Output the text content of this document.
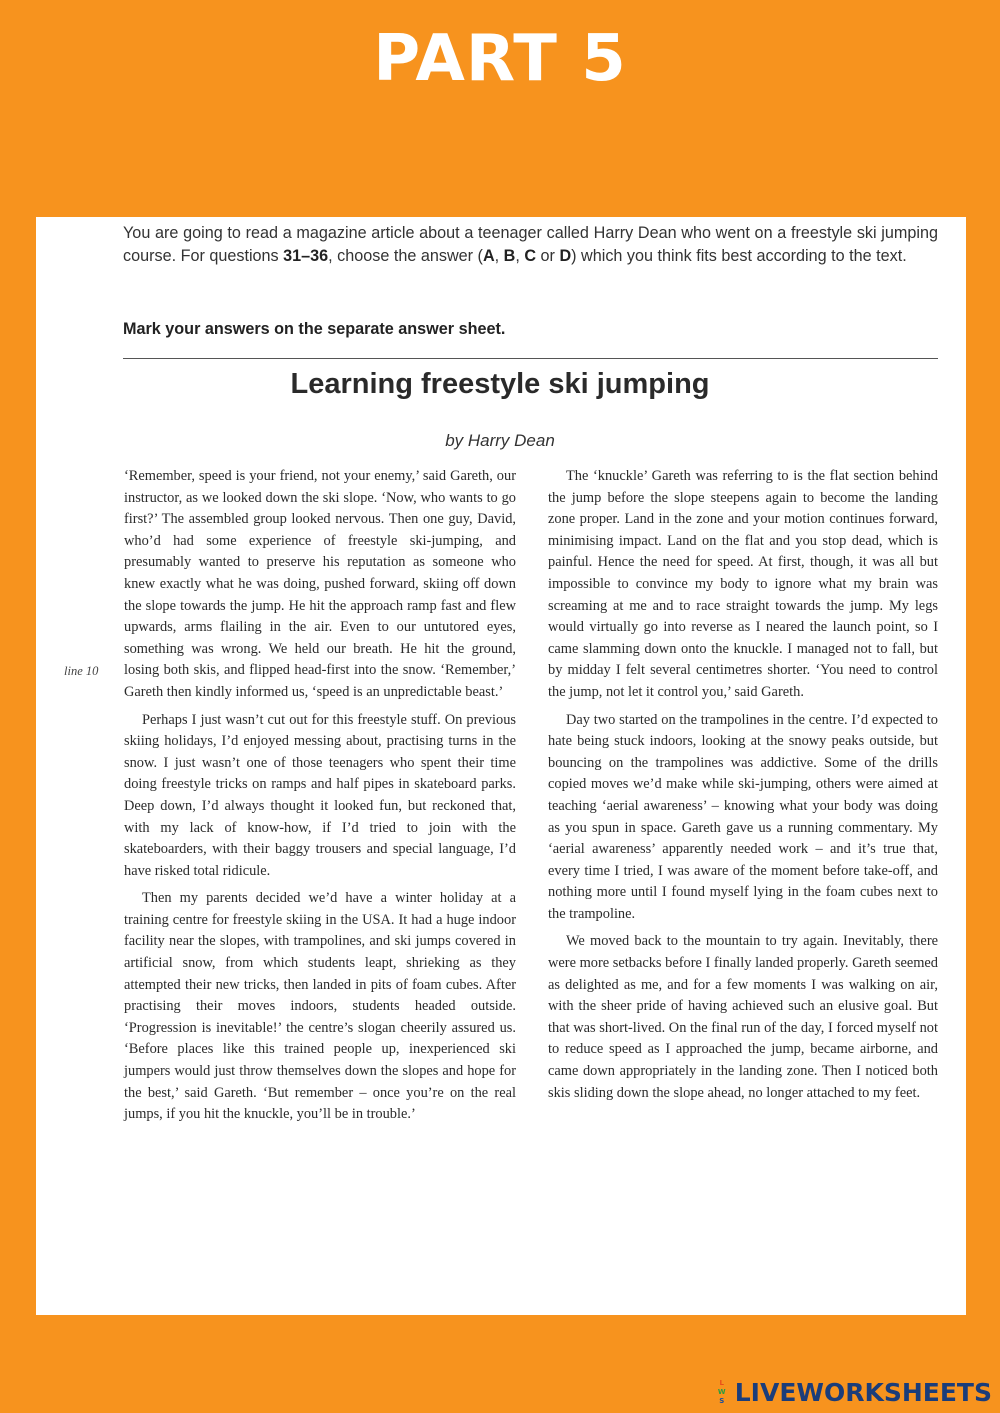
PART 5
You are going to read a magazine article about a teenager called Harry Dean who went on a freestyle ski jumping course. For questions 31–36, choose the answer (A, B, C or D) which you think fits best according to the text.
Mark your answers on the separate answer sheet.
Learning freestyle ski jumping
by Harry Dean
line 10

‘Remember, speed is your friend, not your enemy,’ said Gareth, our instructor, as we looked down the ski slope. ‘Now, who wants to go first?’ The assembled group looked nervous. Then one guy, David, who’d had some experience of freestyle ski-jumping, and presumably wanted to preserve his reputation as someone who knew exactly what he was doing, pushed forward, skiing off down the slope towards the jump. He hit the approach ramp fast and flew upwards, arms flailing in the air. Even to our untutored eyes, something was wrong. We held our breath. He hit the ground, losing both skis, and flipped head-first into the snow. ‘Remember,’ Gareth then kindly informed us, ‘speed is an unpredictable beast.’

Perhaps I just wasn’t cut out for this freestyle stuff. On previous skiing holidays, I’d enjoyed messing about, practising turns in the snow. I just wasn’t one of those teenagers who spent their time doing freestyle tricks on ramps and half pipes in skateboard parks. Deep down, I’d always thought it looked fun, but reckoned that, with my lack of know-how, if I’d tried to join with the skateboarders, with their baggy trousers and special language, I’d have risked total ridicule.

Then my parents decided we’d have a winter holiday at a training centre for freestyle skiing in the USA. It had a huge indoor facility near the slopes, with trampolines, and ski jumps covered in artificial snow, from which students leapt, shrieking as they attempted their new tricks, then landed in pits of foam cubes. After practising their moves indoors, students headed outside. ‘Progression is inevitable!’ the centre’s slogan cheerily assured us. ‘Before places like this trained people up, inexperienced ski jumpers would just throw themselves down the slopes and hope for the best,’ said Gareth. ‘But remember – once you’re on the real jumps, if you hit the knuckle, you’ll be in trouble.’

The ‘knuckle’ Gareth was referring to is the flat section behind the jump before the slope steepens again to become the landing zone proper. Land in the zone and your motion continues forward, minimising impact. Land on the flat and you stop dead, which is painful. Hence the need for speed. At first, though, it was all but impossible to convince my body to ignore what my brain was screaming at me and to race straight towards the jump. My legs would virtually go into reverse as I neared the launch point, so I came slamming down onto the knuckle. I managed not to fall, but by midday I felt several centimetres shorter. ‘You need to control the jump, not let it control you,’ said Gareth.

Day two started on the trampolines in the centre. I’d expected to hate being stuck indoors, looking at the snowy peaks outside, but bouncing on the trampolines was addictive. Some of the drills copied moves we’d make while ski-jumping, others were aimed at teaching ‘aerial awareness’ – knowing what your body was doing as you spun in space. Gareth gave us a running commentary. My ‘aerial awareness’ apparently needed work – and it’s true that, every time I tried, I was aware of the moment before take-off, and nothing more until I found myself lying in the foam cubes next to the trampoline.

We moved back to the mountain to try again. Inevitably, there were more setbacks before I finally landed properly. Gareth seemed as delighted as me, and for a few moments I was walking on air, with the sheer pride of having achieved such an elusive goal. But that was short-lived. On the final run of the day, I forced myself not to reduce speed as I approached the jump, became airborne, and came down appropriately in the landing zone. Then I noticed both skis sliding down the slope ahead, no longer attached to my feet.

L
W
S LIVEWORKSHEETS
